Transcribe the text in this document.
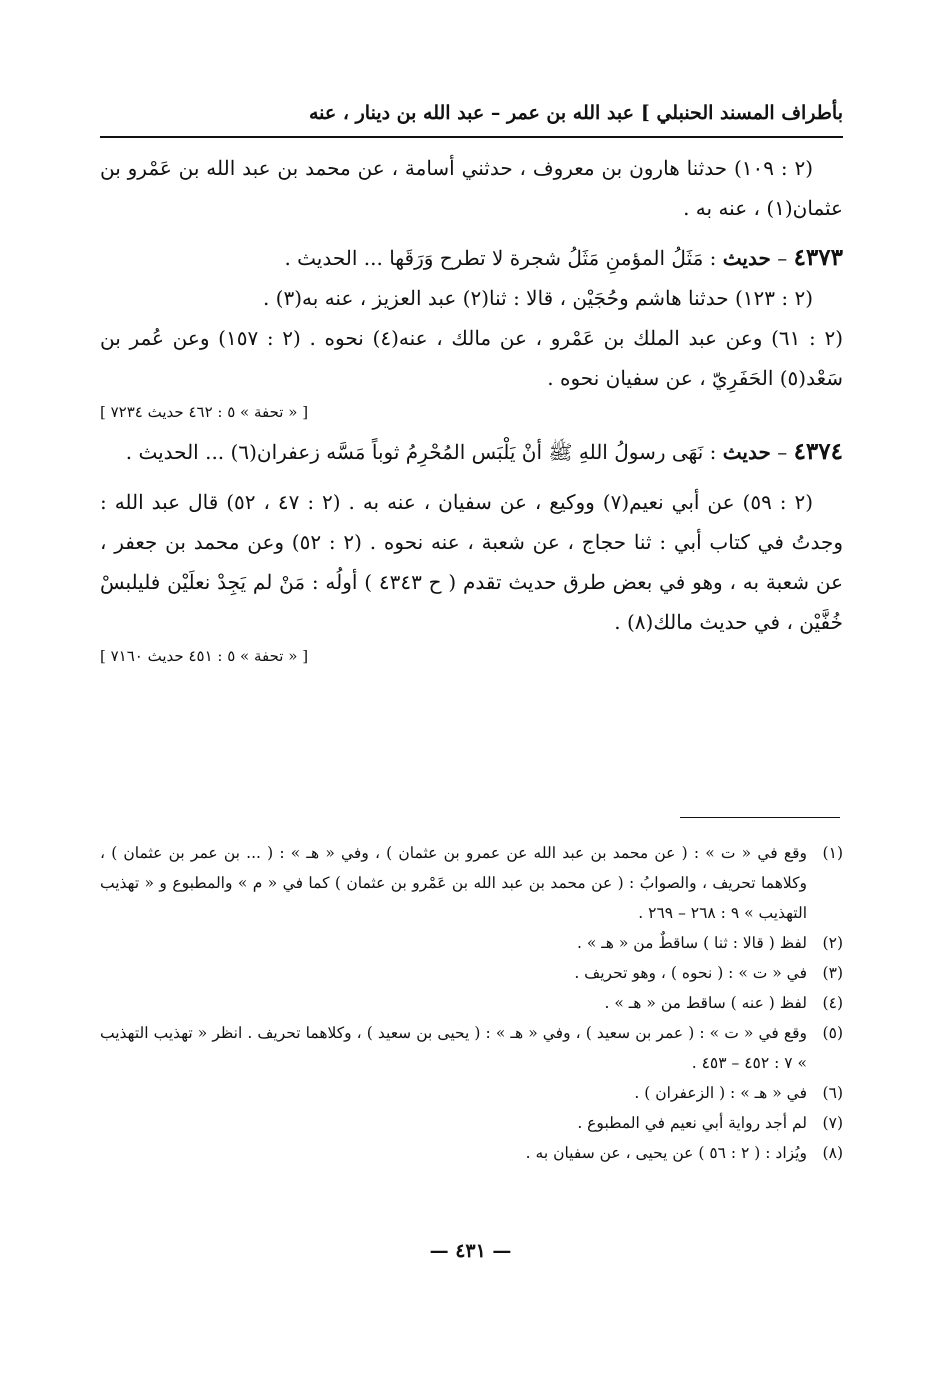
بأطراف المسند الحنبلي ]
عبد الله بن عمر – عبد الله بن دينار ، عنه

(٢ : ١٠٩) حدثنا هارون بن معروف ، حدثني أسامة ، عن محمد بن عبد الله بن عَمْرو بن عثمان(١) ، عنه به .

٤٣٧٣ – حديث : مَثَلُ المؤمنِ مَثَلُ شجرة لا تطرح وَرَقَها ... الحديث .

(٢ : ١٢٣) حدثنا هاشم وحُجَيْن ، قالا : ثنا(٢) عبد العزيز ، عنه به(٣) .

(٢ : ٦١) وعن عبد الملك بن عَمْرو ، عن مالك ، عنه(٤) نحوه . (٢ : ١٥٧) وعن عُمر بن سَعْد(٥) الحَفَرِيّ ، عن سفيان نحوه .

[ « تحفة » ٥ : ٤٦٢ حديث ٧٢٣٤ ]

٤٣٧٤ – حديث : نَهَى رسولُ اللهِ ﷺ أنْ يَلْبَس المُحْرِمُ ثوباً مَسَّه زعفران(٦) ... الحديث .

(٢ : ٥٩) عن أبي نعيم(٧) ووكيع ، عن سفيان ، عنه به . (٢ : ٤٧ ، ٥٢) قال عبد الله : وجدتُ في كتاب أبي : ثنا حجاج ، عن شعبة ، عنه نحوه . (٢ : ٥٢) وعن محمد بن جعفر ، عن شعبة به ، وهو في بعض طرق حديث تقدم ( ح ٤٣٤٣ ) أولُه : مَنْ لم يَجِدْ نعلَيْن فليلبسْ خُفَّيْن ، في حديث مالك(٨) .

[ « تحفة » ٥ : ٤٥١ حديث ٧١٦٠ ]

(١)
وقع في « ت » : ( عن محمد بن عبد الله عن عمرو بن عثمان ) ، وفي « هـ » : ( ... بن عمر بن عثمان ) ، وكلاهما تحريف ، والصوابُ : ( عن محمد بن عبد الله بن عَمْرو بن عثمان ) كما في « م » والمطبوع و « تهذيب التهذيب » ٩ : ٢٦٨ – ٢٦٩ .

(٢)
لفظ ( قالا : ثنا ) ساقطٌ من « هـ » .

(٣)
في « ت » : ( نحوه ) ، وهو تحريف .

(٤)
لفظ ( عنه ) ساقط من « هـ » .

(٥)
وقع في « ت » : ( عمر بن سعيد ) ، وفي « هـ » : ( يحيى بن سعيد ) ، وكلاهما تحريف . انظر « تهذيب التهذيب » ٧ : ٤٥٢ – ٤٥٣ .

(٦)
في « هـ » : ( الزعفران ) .

(٧)
لم أجد رواية أبي نعيم في المطبوع .

(٨)
ويُزاد : ( ٢ : ٥٦ ) عن يحيى ، عن سفيان به .

— ٤٣١ —
